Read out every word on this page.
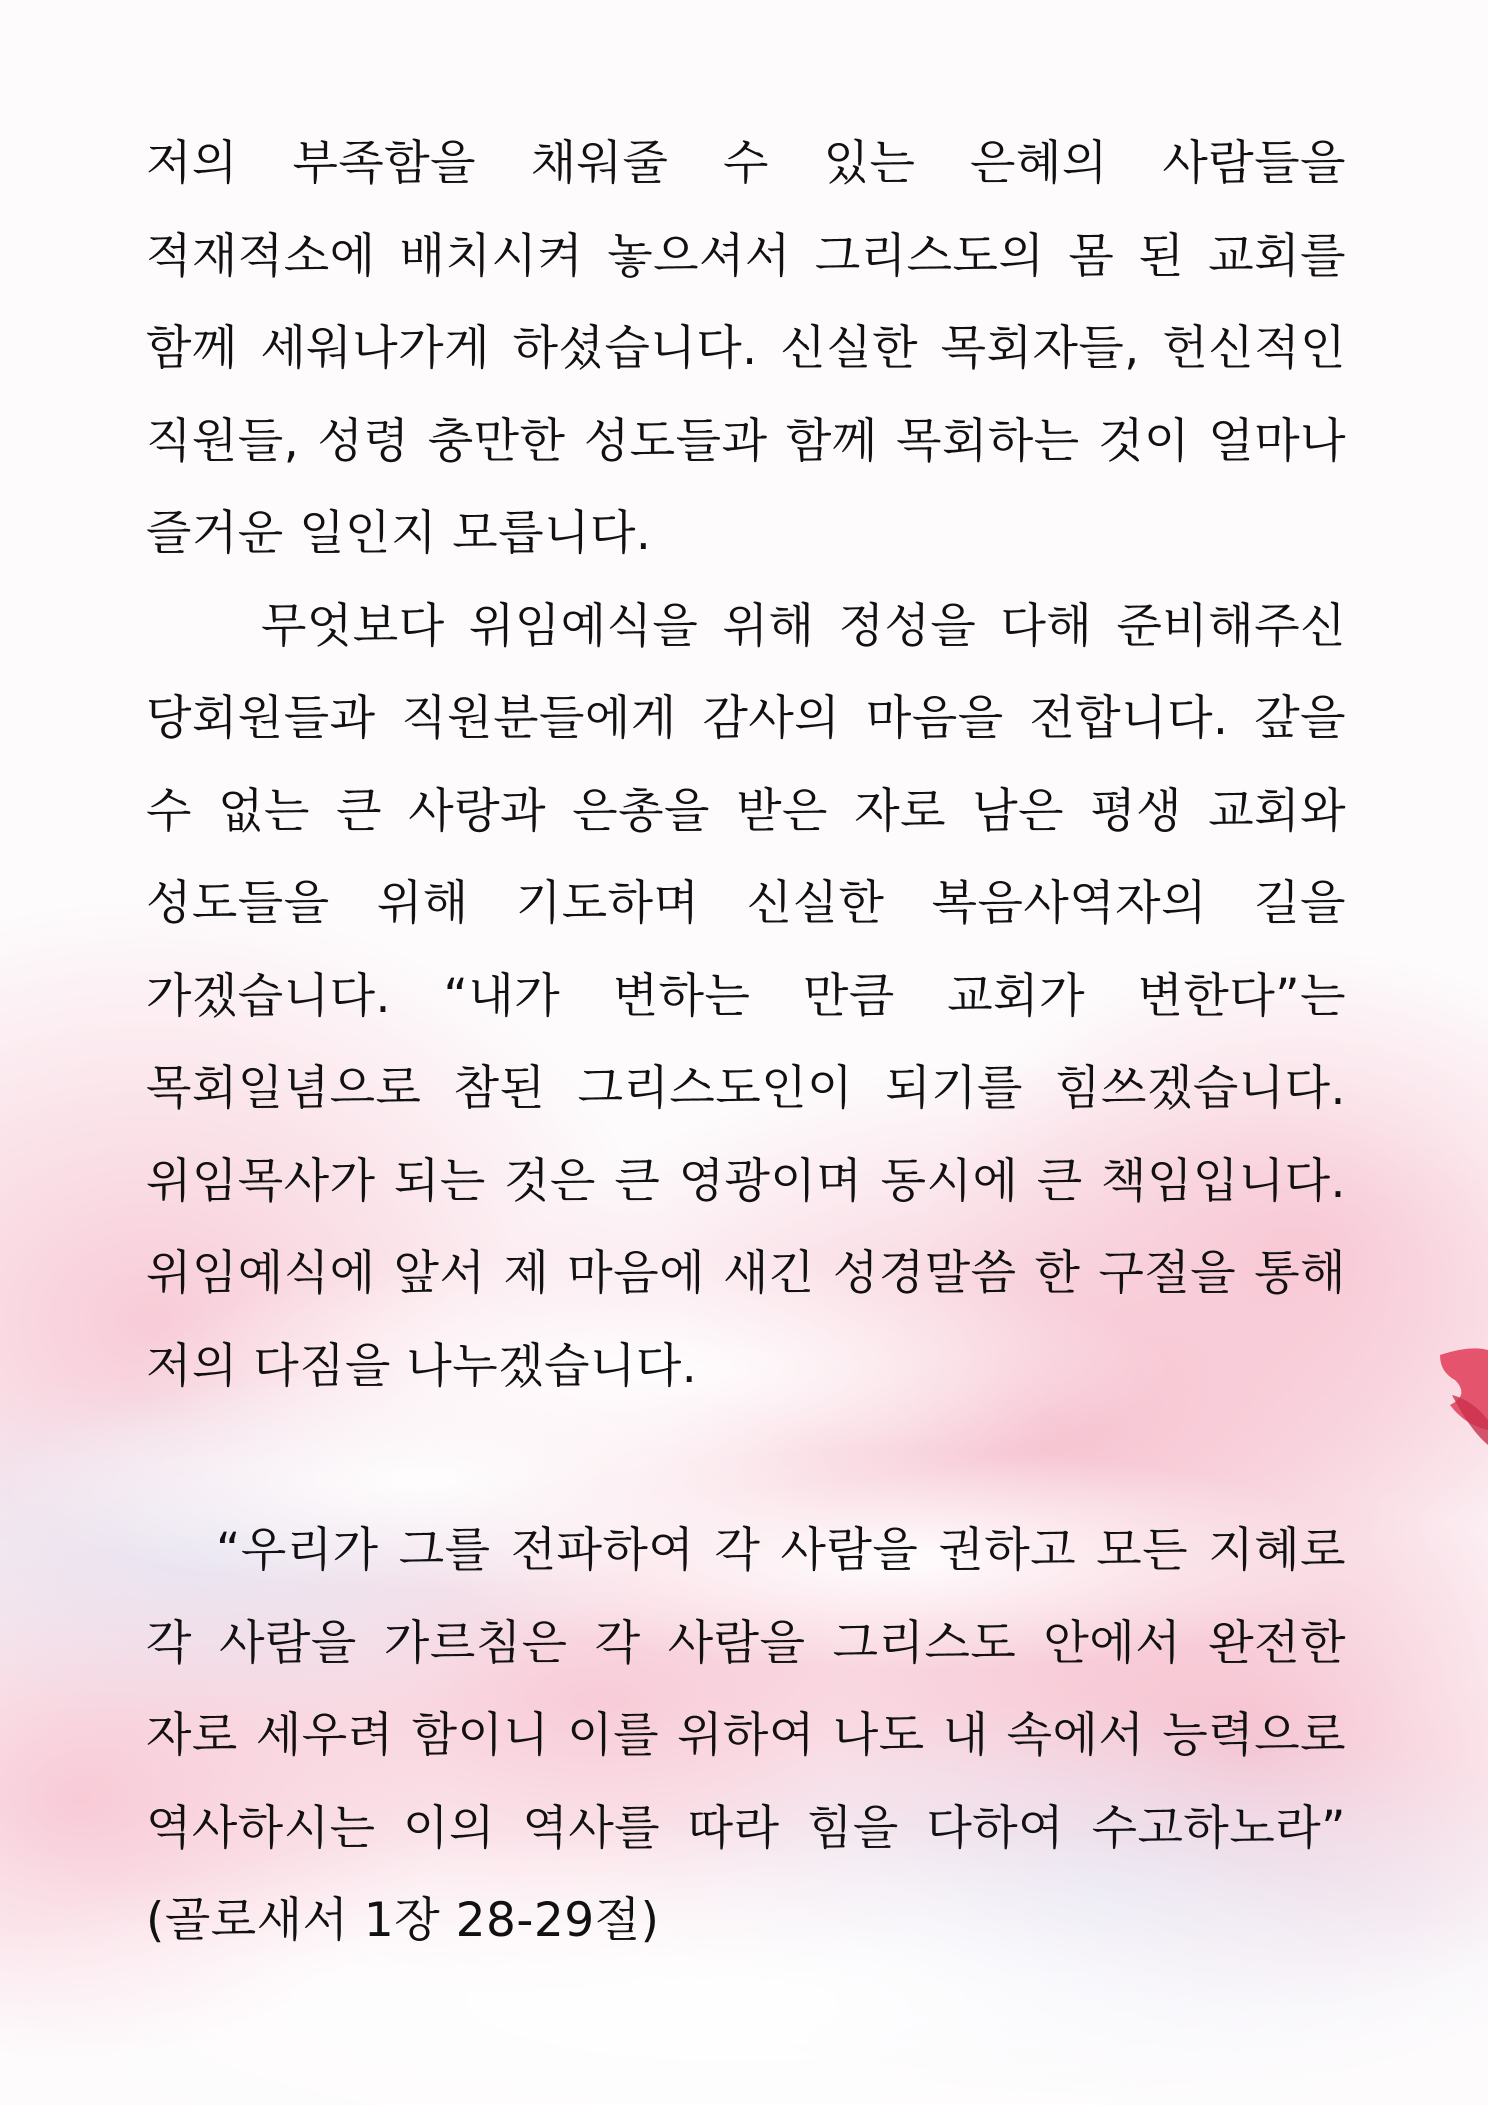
저의 부족함을 채워줄 수 있는 은혜의 사람들을 적재적소에 배치시켜 놓으셔서 그리스도의 몸 된 교회를 함께 세워나가게 하셨습니다. 신실한 목회자들, 헌신적인 직원들, 성령 충만한 성도들과 함께 목회하는 것이 얼마나 즐거운 일인지 모릅니다.

무엇보다 위임예식을 위해 정성을 다해 준비해주신 당회원들과 직원분들에게 감사의 마음을 전합니다. 갚을 수 없는 큰 사랑과 은총을 받은 자로 남은 평생 교회와 성도들을 위해 기도하며 신실한 복음사역자의 길을 가겠습니다. “내가 변하는 만큼 교회가 변한다”는 목회일념으로 참된 그리스도인이 되기를 힘쓰겠습니다. 위임목사가 되는 것은 큰 영광이며 동시에 큰 책임입니다. 위임예식에 앞서 제 마음에 새긴 성경말씀 한 구절을 통해 저의 다짐을 나누겠습니다.

“우리가 그를 전파하여 각 사람을 권하고 모든 지혜로 각 사람을 가르침은 각 사람을 그리스도 안에서 완전한 자로 세우려 함이니 이를 위하여 나도 내 속에서 능력으로 역사하시는 이의 역사를 따라 힘을 다하여 수고하노라” (골로새서 1장 28-29절)
